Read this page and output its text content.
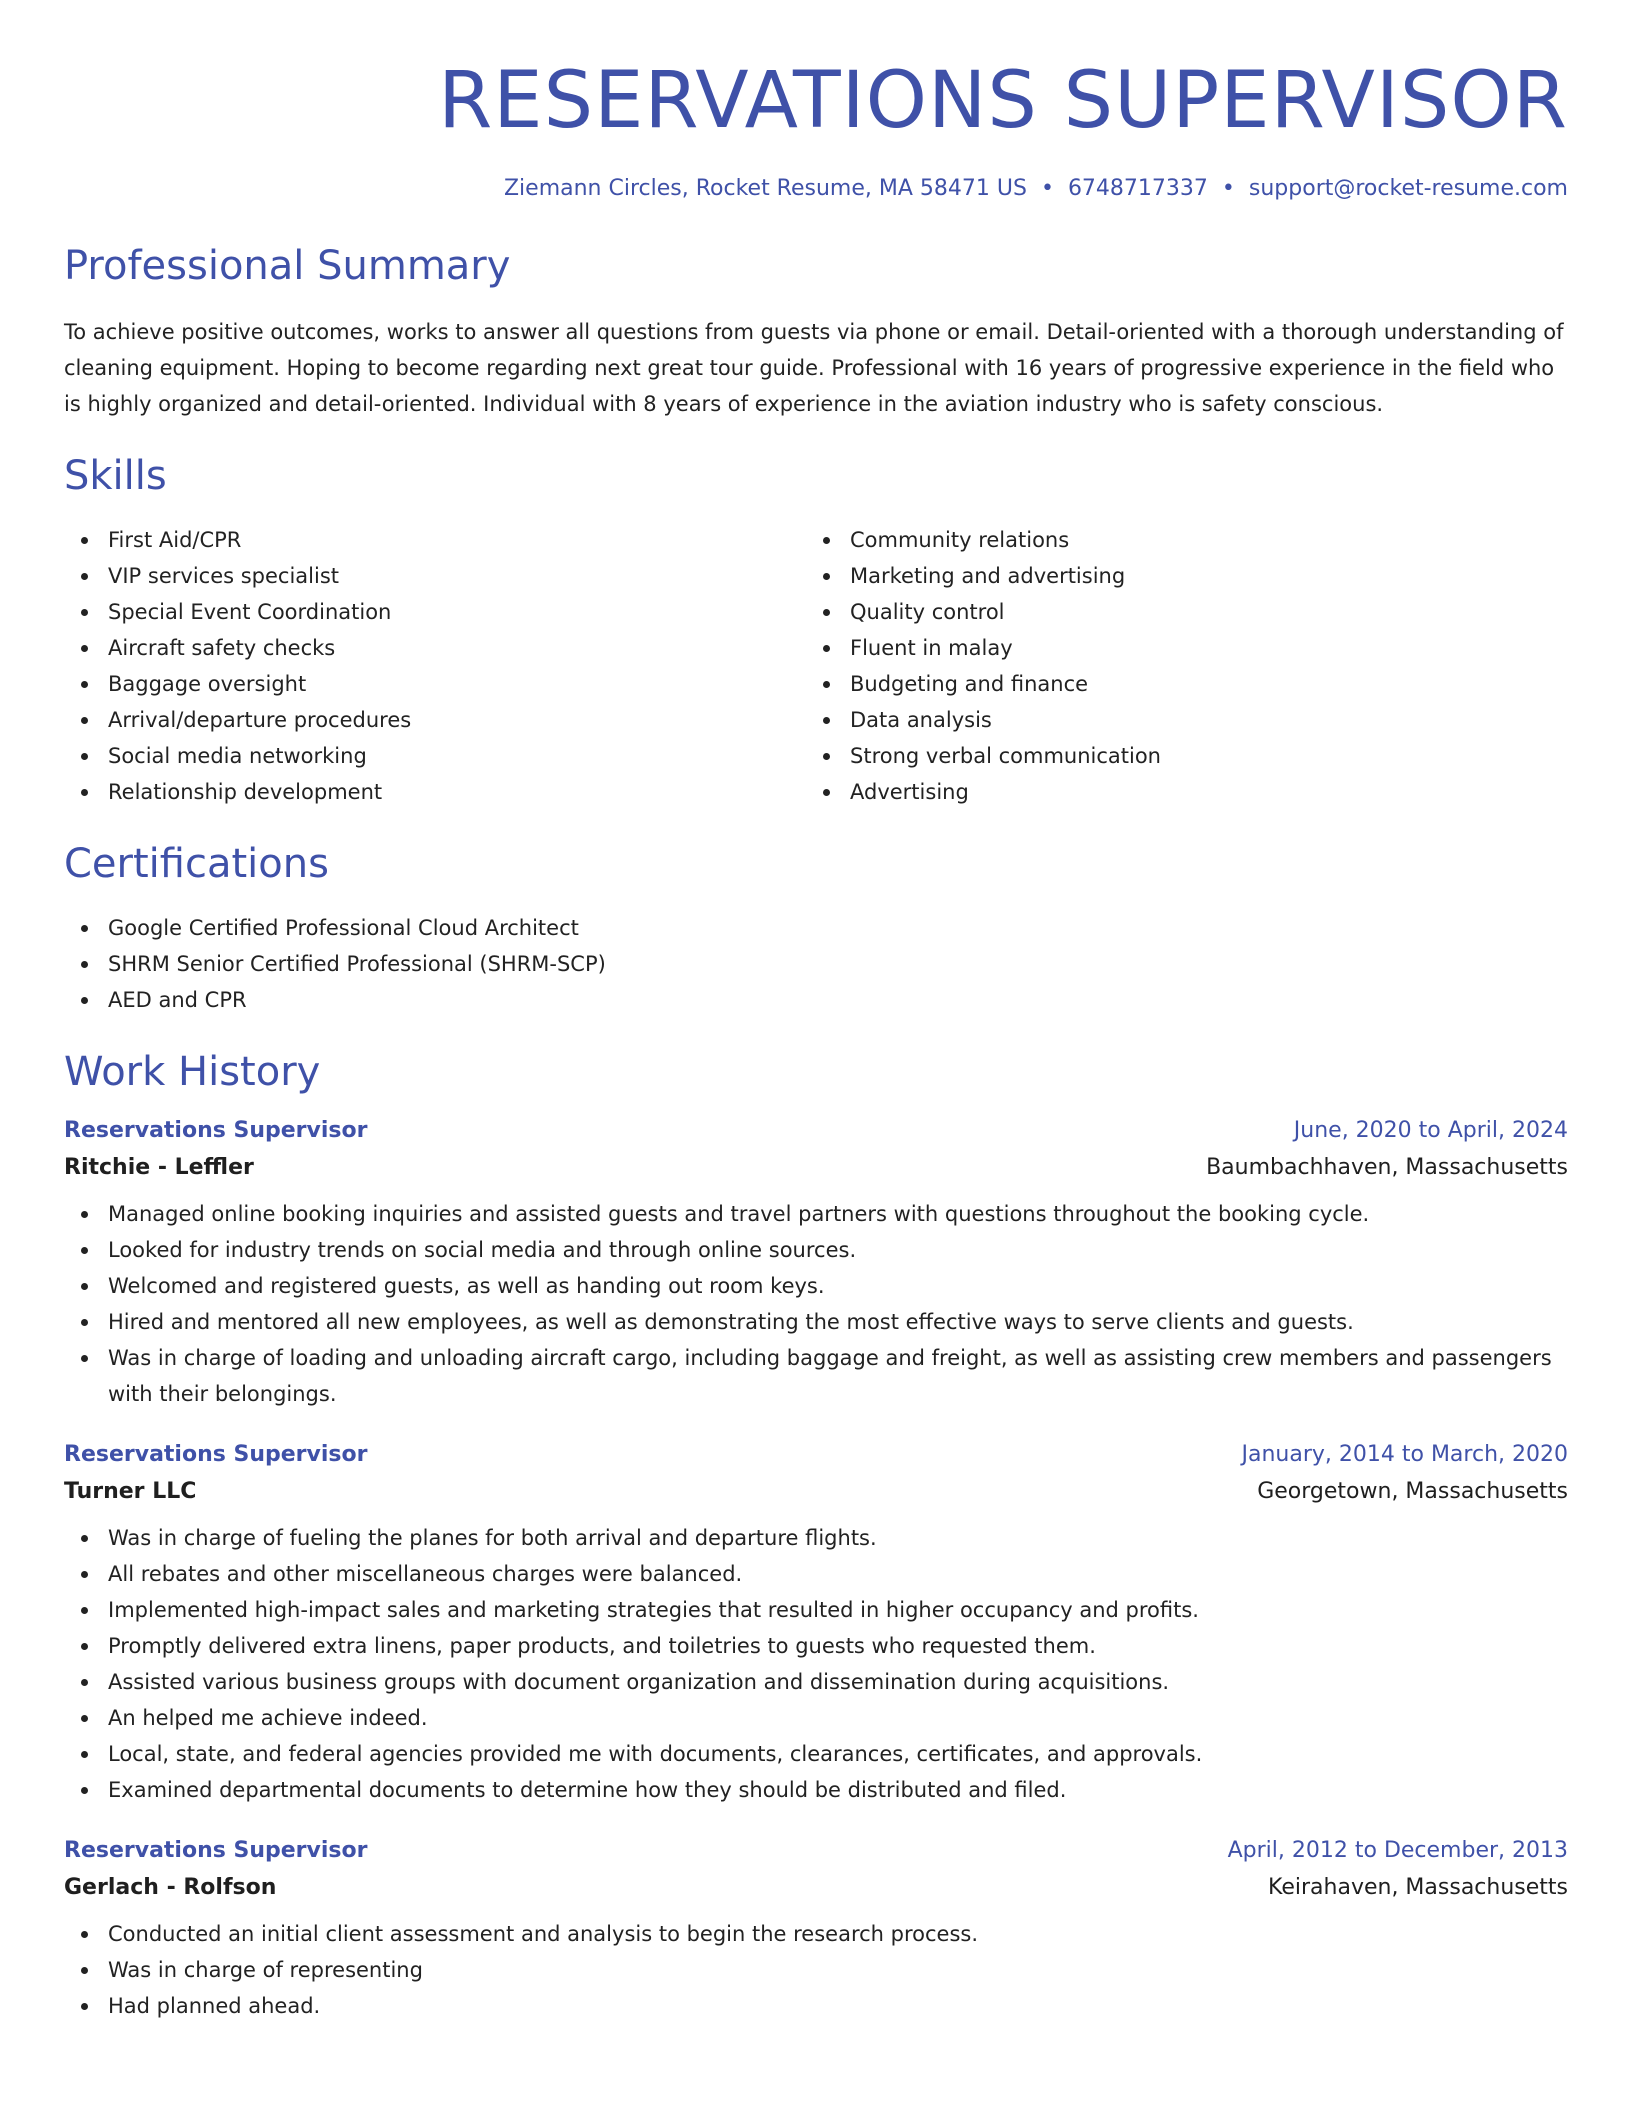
RESERVATIONS SUPERVISOR
Ziemann Circles, Rocket Resume, MA 58471 US • 6748717337 • support@rocket-resume.com
Professional Summary
To achieve positive outcomes, works to answer all questions from guests via phone or email. Detail-oriented with a thorough understanding of cleaning equipment. Hoping to become regarding next great tour guide. Professional with 16 years of progressive experience in the field who is highly organized and detail-oriented. Individual with 8 years of experience in the aviation industry who is safety conscious.
Skills
First Aid/CPR
VIP services specialist
Special Event Coordination
Aircraft safety checks
Baggage oversight
Arrival/departure procedures
Social media networking
Relationship development
Community relations
Marketing and advertising
Quality control
Fluent in malay
Budgeting and finance
Data analysis
Strong verbal communication
Advertising
Certifications
Google Certified Professional Cloud Architect
SHRM Senior Certified Professional (SHRM-SCP)
AED and CPR
Work History
Reservations Supervisor	June, 2020 to April, 2024
Ritchie - Leffler	Baumbachhaven, Massachusetts
Managed online booking inquiries and assisted guests and travel partners with questions throughout the booking cycle.
Looked for industry trends on social media and through online sources.
Welcomed and registered guests, as well as handing out room keys.
Hired and mentored all new employees, as well as demonstrating the most effective ways to serve clients and guests.
Was in charge of loading and unloading aircraft cargo, including baggage and freight, as well as assisting crew members and passengers with their belongings.
Reservations Supervisor	January, 2014 to March, 2020
Turner LLC	Georgetown, Massachusetts
Was in charge of fueling the planes for both arrival and departure flights.
All rebates and other miscellaneous charges were balanced.
Implemented high-impact sales and marketing strategies that resulted in higher occupancy and profits.
Promptly delivered extra linens, paper products, and toiletries to guests who requested them.
Assisted various business groups with document organization and dissemination during acquisitions.
An helped me achieve indeed.
Local, state, and federal agencies provided me with documents, clearances, certificates, and approvals.
Examined departmental documents to determine how they should be distributed and filed.
Reservations Supervisor	April, 2012 to December, 2013
Gerlach - Rolfson	Keirahaven, Massachusetts
Conducted an initial client assessment and analysis to begin the research process.
Was in charge of representing
Had planned ahead.
